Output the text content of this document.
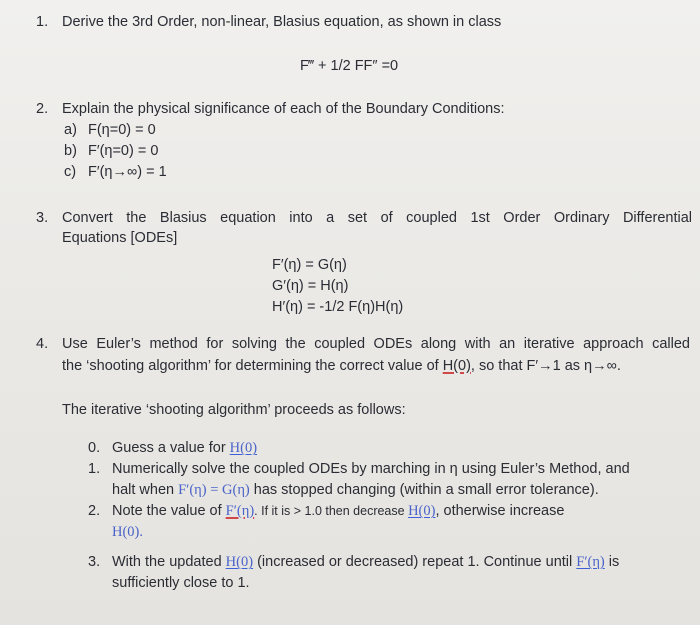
1. Derive the 3rd Order, non-linear, Blasius equation, as shown in class
F‴ + 1/2 FF″ =0
2. Explain the physical significance of each of the Boundary Conditions:
a) F(η=0) = 0
b) F′(η=0) = 0
c) F′(η→∞) = 1
3. Convert the Blasius equation into a set of coupled 1st Order Ordinary Differential
Equations [ODEs]
F′(η) = G(η)
G′(η) = H(η)
H′(η) = -1/2 F(η)H(η)
4. Use Euler’s method for solving the coupled ODEs along with an iterative approach called
the ‘shooting algorithm’ for determining the correct value of H(0), so that F′→1 as η→∞.
The iterative ‘shooting algorithm’ proceeds as follows:
0. Guess a value for H(0)
1. Numerically solve the coupled ODEs by marching in η using Euler’s Method, and
halt when F′(η) = G(η) has stopped changing (within a small error tolerance).
2. Note the value of F′(η). If it is > 1.0 then decrease H(0), otherwise increase
H(0).
3. With the updated H(0) (increased or decreased) repeat 1. Continue until F′(η) is
sufficiently close to 1.
